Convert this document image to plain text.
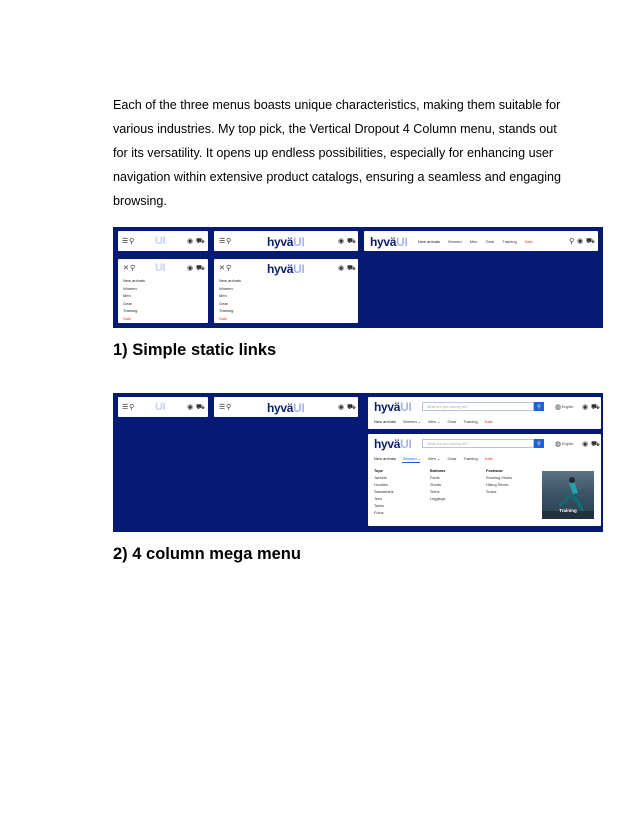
Each of the three menus boasts unique characteristics, making them suitable for
various industries. My top pick, the Vertical Dropout 4 Column menu, stands out
for its versatility. It opens up endless possibilities, especially for enhancing user
navigation within extensive product catalogs, ensuring a seamless and engaging
browsing.
☰ ⚲ UI	◉ ⛟ ☰ ⚲	hyväUI	◉ ⛟ hyväUI	New arrivals Women Men Gear Training Sale	⚲ ◉ ⛟
✕ ⚲ UI	◉ ⛟
New arrivals
Women
Men
Gear
Training
Sale
✕ ⚲	hyväUI	◉ ⛟
New arrivals
Women
Men
Gear
Training
Sale
1) Simple static links
☰ ⚲ UI	◉ ⛟ ☰ ⚲	hyväUI	◉ ⛟ hyväUI	What are you looking for?	⚲ ◍ English ◉ ⛟
New arrivals Women ⌄ Men ⌄ Gear Training Sale
hyväUI	What are you looking for?	⚲ ◍ English ◉ ⛟
New arrivals Women ⌄ Men ⌄ Gear Training Sale
Tops
Jackets
Hoodies
Sweatshirts
Tees
Tanks
Polos
Bottoms
Pants
Shorts
Skirts
Leggings
Footwear
Running Shoes
Hiking Shoes
Socks
Training
2) 4 column mega menu
